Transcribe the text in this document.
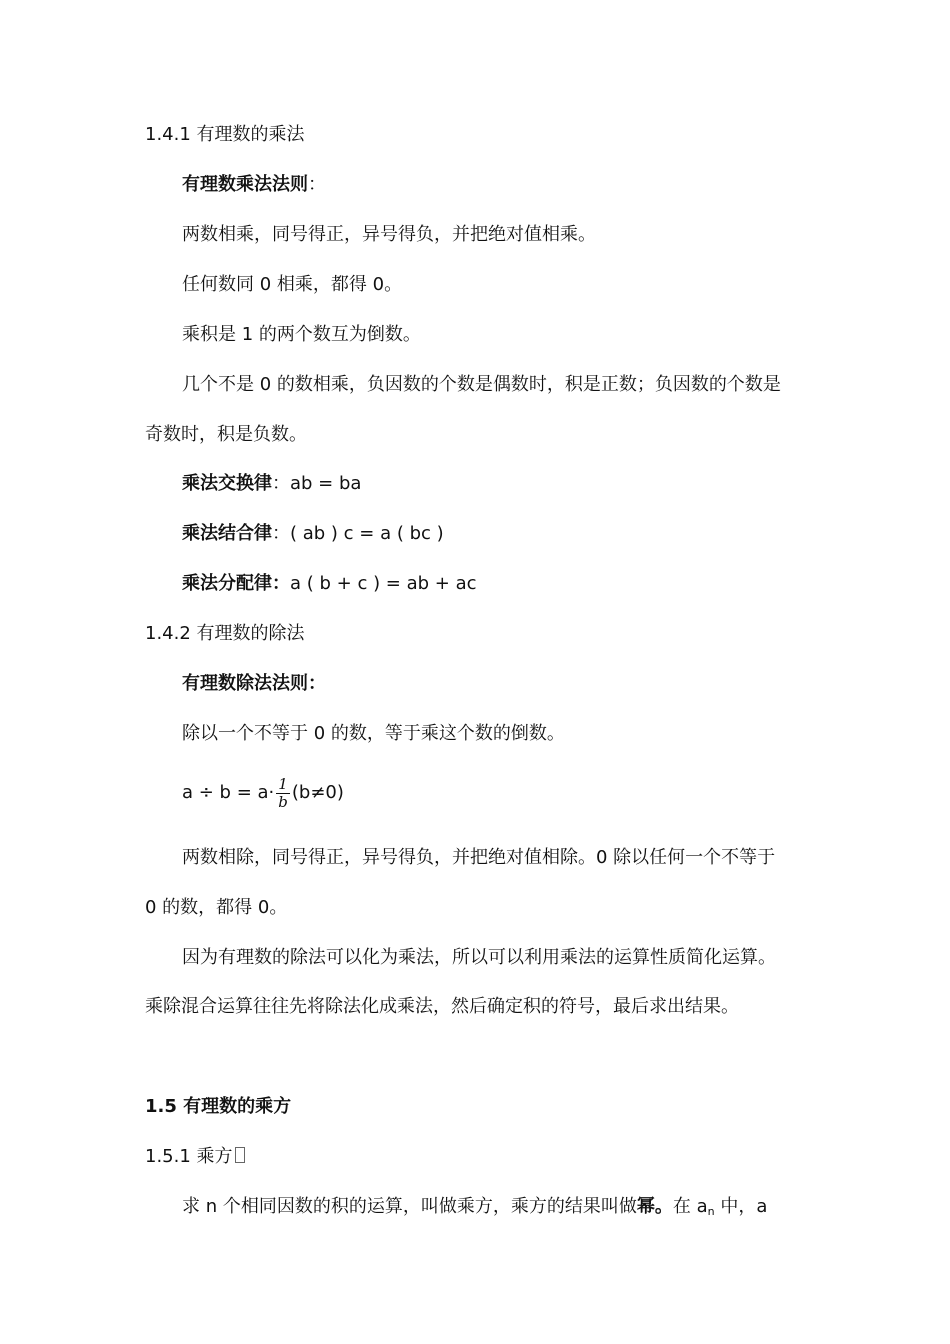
1.4.1 有理数的乘法
有理数乘法法则：
两数相乘，同号得正，异号得负，并把绝对值相乘。
任何数同 0 相乘，都得 0。
乘积是 1 的两个数互为倒数。
几个不是 0 的数相乘，负因数的个数是偶数时，积是正数；负因数的个数是
奇数时，积是负数。
乘法交换律：ab = ba
乘法结合律：( ab ) c = a ( bc )
乘法分配律：a ( b + c ) = ab + ac
1.4.2 有理数的除法
有理数除法法则：
除以一个不等于 0 的数，等于乘这个数的倒数。
$a \div b = a\cdot \frac{1}{b} (b\ne 0)$
两数相除，同号得正，异号得负，并把绝对值相除。0 除以任何一个不等于
0 的数，都得 0。
因为有理数的除法可以化为乘法，所以可以利用乘法的运算性质简化运算。
乘除混合运算往往先将除法化成乘法，然后确定积的符号，最后求出结果。
1.5 有理数的乘方
1.5.1 乘方
求 n 个相同因数的积的运算，叫做乘方，乘方的结果叫做幂。在 $a_n$ 中，a
